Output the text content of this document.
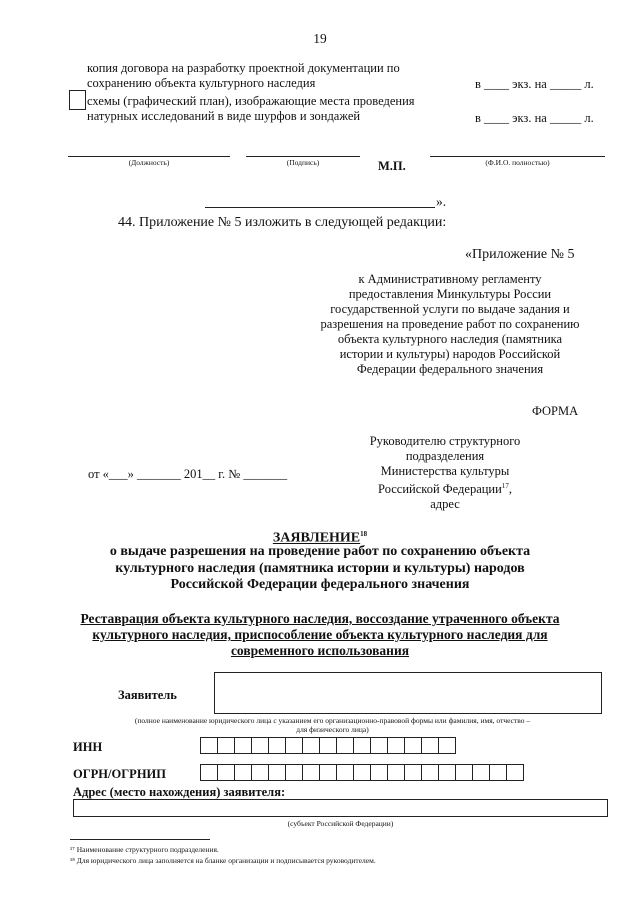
19
копия договора на разработку проектной документации по
сохранению объекта культурного наследия	в ____ экз. на _____ л.
схемы (графический план), изображающие места проведения
натурных исследований в виде шурфов и зондажей	в ____ экз. на _____ л.
(Должность)	(Подпись)	М.П.	(Ф.И.О. полностью)
».
44. Приложение № 5 изложить в следующей редакции:
«Приложение № 5
к Административному регламенту
предоставления Минкультуры России
государственной услуги по выдаче задания и
разрешения на проведение работ по сохранению
объекта культурного наследия (памятника
истории и культуры) народов Российской
Федерации федерального значения
ФОРМА
Руководителю структурного
подразделения
Министерства культуры
Российской Федерации$^{17}$,
адрес
от «___» _______ 201__ г. № _______
ЗАЯВЛЕНИЕ$^{18}$
о выдаче разрешения на проведение работ по сохранению объекта
культурного наследия (памятника истории и культуры) народов
Российской Федерации федерального значения
Реставрация объекта культурного наследия, воссоздание утраченного объекта
культурного наследия, приспособление объекта культурного наследия для
современного использования
Заявитель
(полное наименование юридического лица с указанием его организационно-правовой формы или фамилия, имя, отчество –
для физического лица)
ИНН
ОГРН/ОГРНИП
Адрес (место нахождения) заявителя:
(субъект Российской Федерации)
¹⁷ Наименование структурного подразделения.
¹⁸ Для юридического лица заполняется на бланке организации и подписывается руководителем.
